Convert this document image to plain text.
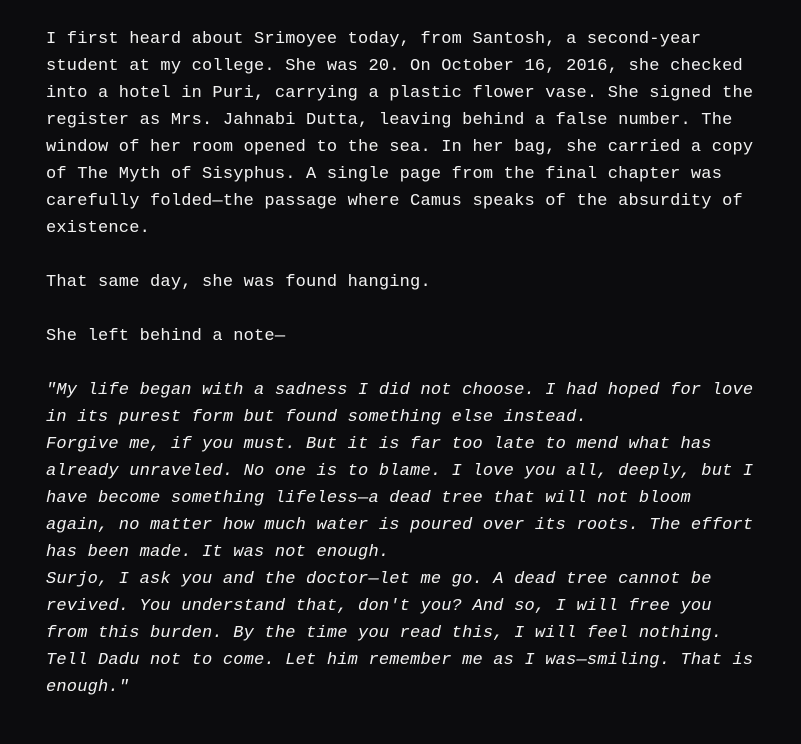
I first heard about Srimoyee today, from Santosh, a second-year student at my college. She was 20. On October 16, 2016, she checked into a hotel in Puri, carrying a plastic flower vase. She signed the register as Mrs. Jahnabi Dutta, leaving behind a false number. The window of her room opened to the sea. In her bag, she carried a copy of The Myth of Sisyphus. A single page from the final chapter was carefully folded—the passage where Camus speaks of the absurdity of existence.

That same day, she was found hanging.

She left behind a note—

"My life began with a sadness I did not choose. I had hoped for love in its purest form but found something else instead.
Forgive me, if you must. But it is far too late to mend what has already unraveled. No one is to blame. I love you all, deeply, but I have become something lifeless—a dead tree that will not bloom again, no matter how much water is poured over its roots. The effort has been made. It was not enough.
Surjo, I ask you and the doctor—let me go. A dead tree cannot be revived. You understand that, don't you? And so, I will free you from this burden. By the time you read this, I will feel nothing. Tell Dadu not to come. Let him remember me as I was—smiling. That is enough."
